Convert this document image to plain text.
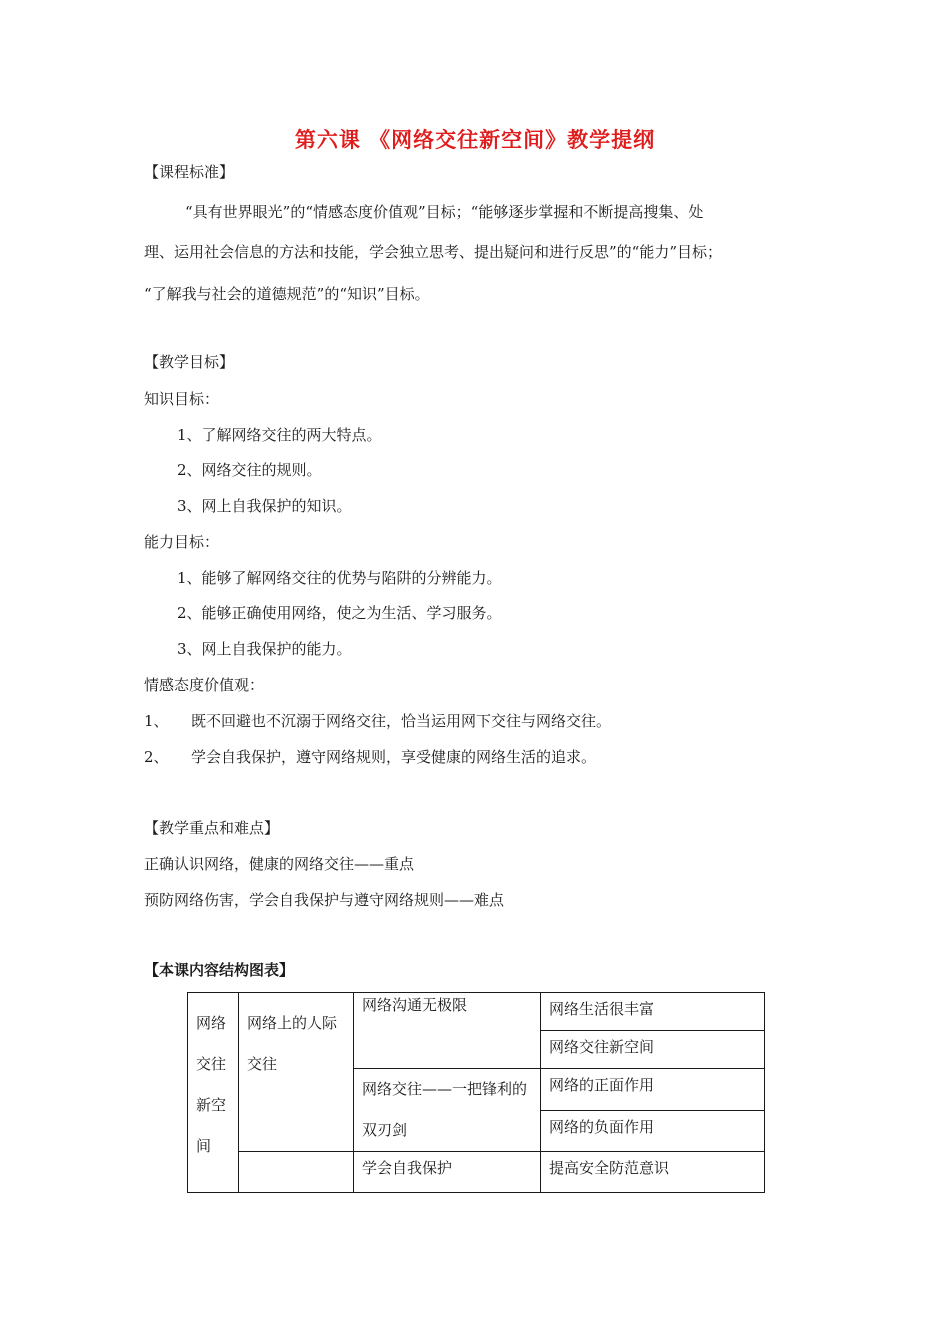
第六课 《网络交往新空间》教学提纲
【课程标准】
“具有世界眼光”的“情感态度价值观”目标；“能够逐步掌握和不断提高搜集、处
理、运用社会信息的方法和技能，学会独立思考、提出疑问和进行反思”的“能力”目标；
“了解我与社会的道德规范”的“知识”目标。
【教学目标】
知识目标：
1、了解网络交往的两大特点。
2、网络交往的规则。
3、网上自我保护的知识。
能力目标：
1、能够了解网络交往的优势与陷阱的分辨能力。
2、能够正确使用网络，使之为生活、学习服务。
3、网上自我保护的能力。
情感态度价值观：
1、 既不回避也不沉溺于网络交往，恰当运用网下交往与网络交往。
2、 学会自我保护，遵守网络规则，享受健康的网络生活的追求。
【教学重点和难点】
正确认识网络，健康的网络交往——重点
预防网络伤害，学会自我保护与遵守网络规则——难点
【本课内容结构图表】
网络交往新空间	网络上的人际交往	网络沟通无极限	网络生活很丰富
			网络交往新空间
		网络交往——一把锋利的双刃剑	网络的正面作用
			网络的负面作用
		学会自我保护	提高安全防范意识
